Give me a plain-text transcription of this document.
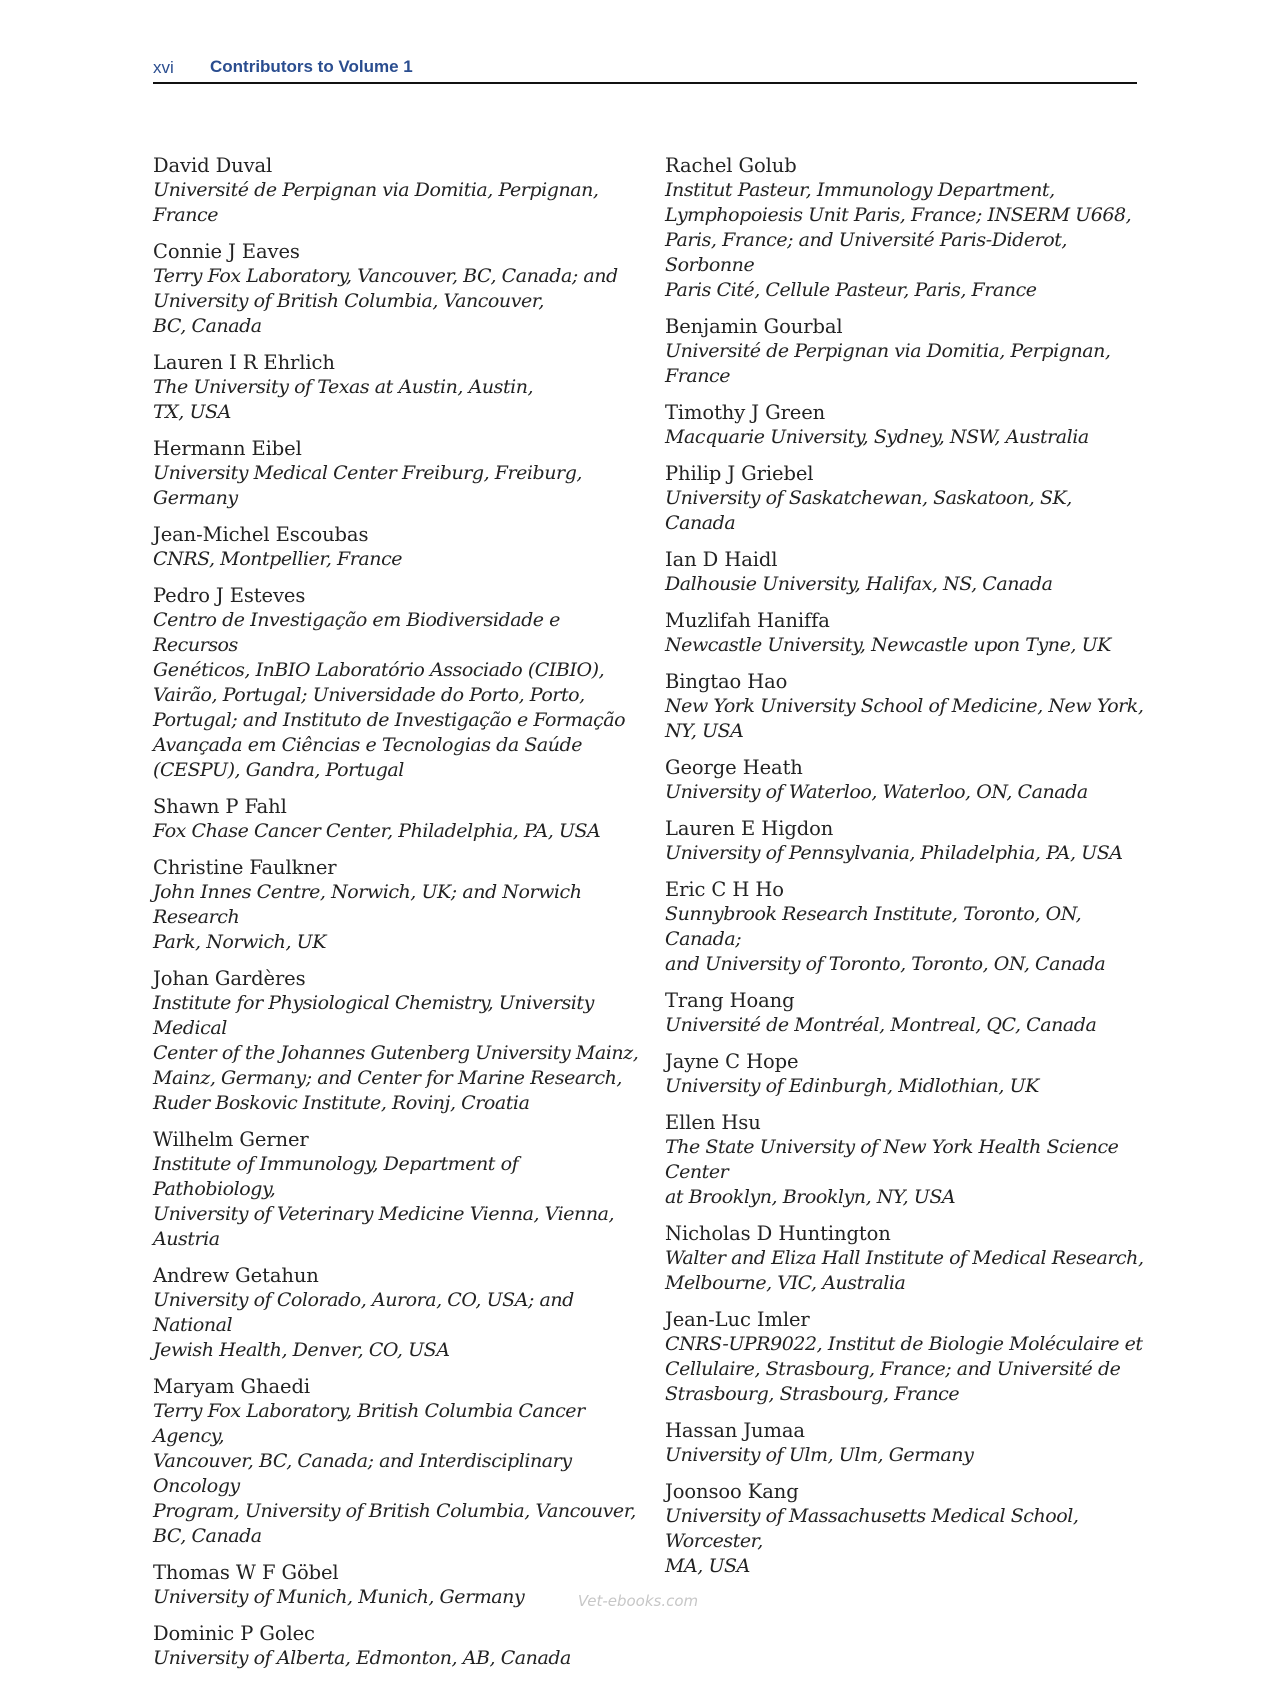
xvi Contributors to Volume 1
David Duval
Université de Perpignan via Domitia, Perpignan, France
Connie J Eaves
Terry Fox Laboratory, Vancouver, BC, Canada; and
University of British Columbia, Vancouver,
BC, Canada
Lauren I R Ehrlich
The University of Texas at Austin, Austin,
TX, USA
Hermann Eibel
University Medical Center Freiburg, Freiburg, Germany
Jean-Michel Escoubas
CNRS, Montpellier, France
Pedro J Esteves
Centro de Investigação em Biodiversidade e Recursos
Genéticos, InBIO Laboratório Associado (CIBIO),
Vairão, Portugal; Universidade do Porto, Porto,
Portugal; and Instituto de Investigação e Formação
Avançada em Ciências e Tecnologias da Saúde
(CESPU), Gandra, Portugal
Shawn P Fahl
Fox Chase Cancer Center, Philadelphia, PA, USA
Christine Faulkner
John Innes Centre, Norwich, UK; and Norwich Research
Park, Norwich, UK
Johan Gardères
Institute for Physiological Chemistry, University Medical
Center of the Johannes Gutenberg University Mainz,
Mainz, Germany; and Center for Marine Research,
Ruder Boskovic Institute, Rovinj, Croatia
Wilhelm Gerner
Institute of Immunology, Department of Pathobiology,
University of Veterinary Medicine Vienna, Vienna,
Austria
Andrew Getahun
University of Colorado, Aurora, CO, USA; and National
Jewish Health, Denver, CO, USA
Maryam Ghaedi
Terry Fox Laboratory, British Columbia Cancer Agency,
Vancouver, BC, Canada; and Interdisciplinary Oncology
Program, University of British Columbia, Vancouver,
BC, Canada
Thomas W F Göbel
University of Munich, Munich, Germany
Dominic P Golec
University of Alberta, Edmonton, AB, Canada
Rachel Golub
Institut Pasteur, Immunology Department,
Lymphopoiesis Unit Paris, France; INSERM U668,
Paris, France; and Université Paris-Diderot, Sorbonne
Paris Cité, Cellule Pasteur, Paris, France
Benjamin Gourbal
Université de Perpignan via Domitia, Perpignan, France
Timothy J Green
Macquarie University, Sydney, NSW, Australia
Philip J Griebel
University of Saskatchewan, Saskatoon, SK, Canada
Ian D Haidl
Dalhousie University, Halifax, NS, Canada
Muzlifah Haniffa
Newcastle University, Newcastle upon Tyne, UK
Bingtao Hao
New York University School of Medicine, New York,
NY, USA
George Heath
University of Waterloo, Waterloo, ON, Canada
Lauren E Higdon
University of Pennsylvania, Philadelphia, PA, USA
Eric C H Ho
Sunnybrook Research Institute, Toronto, ON, Canada;
and University of Toronto, Toronto, ON, Canada
Trang Hoang
Université de Montréal, Montreal, QC, Canada
Jayne C Hope
University of Edinburgh, Midlothian, UK
Ellen Hsu
The State University of New York Health Science Center
at Brooklyn, Brooklyn, NY, USA
Nicholas D Huntington
Walter and Eliza Hall Institute of Medical Research,
Melbourne, VIC, Australia
Jean-Luc Imler
CNRS-UPR9022, Institut de Biologie Moléculaire et
Cellulaire, Strasbourg, France; and Université de
Strasbourg, Strasbourg, France
Hassan Jumaa
University of Ulm, Ulm, Germany
Joonsoo Kang
University of Massachusetts Medical School, Worcester,
MA, USA
Vet-ebooks.com
